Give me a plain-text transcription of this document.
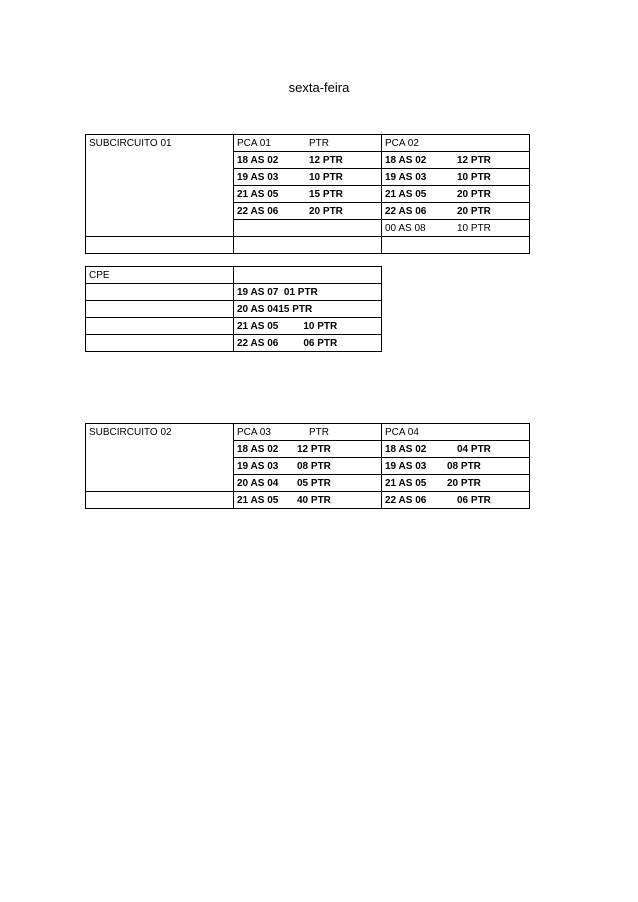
sexta-feira
SUBCIRCUITO 01	PCA 01 PTR	PCA 02
	18 AS 02 12 PTR	18 AS 02 12 PTR
	19 AS 03 10 PTR	19 AS 03 10 PTR
	21 AS 05 15 PTR	21 AS 05 20 PTR
	22 AS 06 20 PTR	22 AS 06 20 PTR
		00 AS 08 10 PTR

CPE	
	19 AS 07  01 PTR
	20 AS 0415 PTR
	21 AS 05         10 PTR
	22 AS 06         06 PTR
SUBCIRCUITO 02	PCA 03 PTR	PCA 04
	18 AS 02 12 PTR	18 AS 02 04 PTR
	19 AS 03 08 PTR	19 AS 03 08 PTR
	20 AS 04 05 PTR	21 AS 05 20 PTR
	21 AS 05 40 PTR	22 AS 06 06 PTR
